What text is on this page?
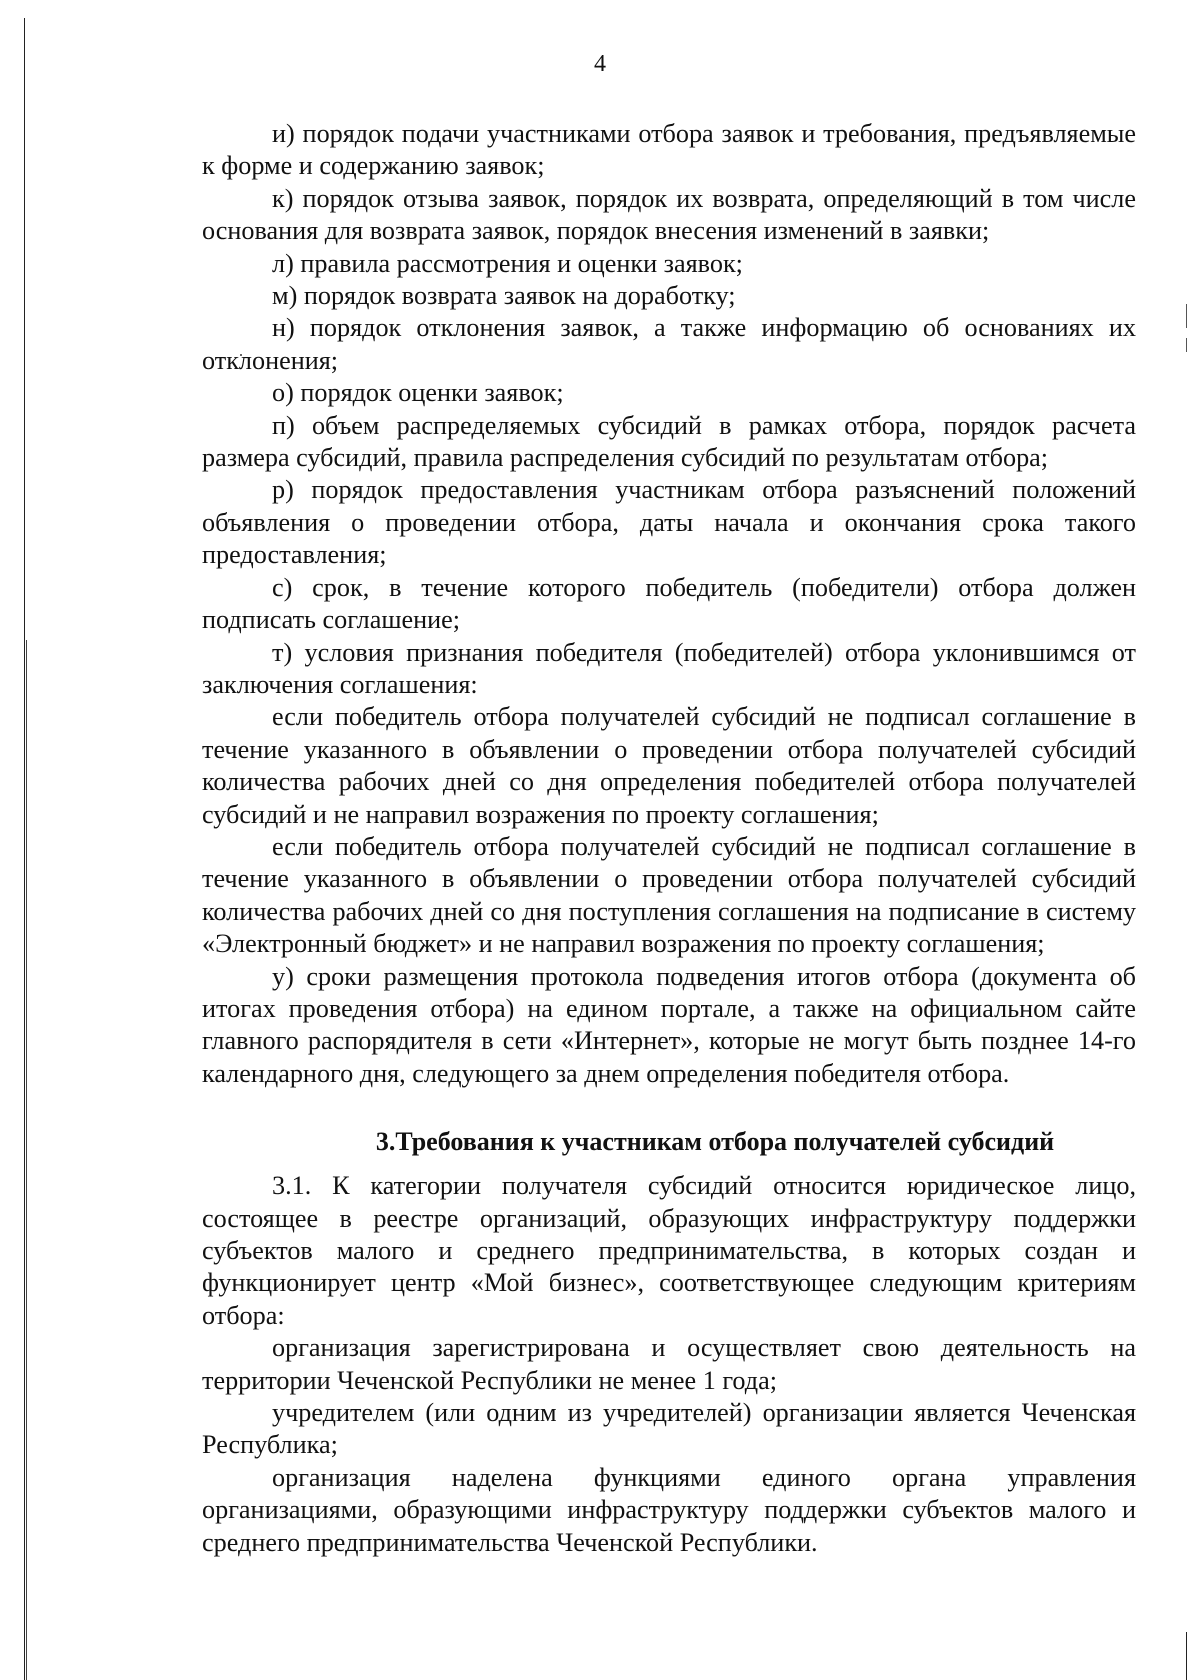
4

и) порядок подачи участниками отбора заявок и требования, предъявляемые к форме и содержанию заявок;

к) порядок отзыва заявок, порядок их возврата, определяющий в том числе основания для возврата заявок, порядок внесения изменений в заявки;

л) правила рассмотрения и оценки заявок;

м) порядок возврата заявок на доработку;

н) порядок отклонения заявок, а также информацию об основаниях их отклонения;

о) порядок оценки заявок;

п) объем распределяемых субсидий в рамках отбора, порядок расчета размера субсидий, правила распределения субсидий по результатам отбора;

р) порядок предоставления участникам отбора разъяснений положений объявления о проведении отбора, даты начала и окончания срока такого предоставления;

с) срок, в течение которого победитель (победители) отбора должен подписать соглашение;

т) условия признания победителя (победителей) отбора уклонившимся от заключения соглашения:

если победитель отбора получателей субсидий не подписал соглашение в течение указанного в объявлении о проведении отбора получателей субсидий количества рабочих дней со дня определения победителей отбора получателей субсидий и не направил возражения по проекту соглашения;

если победитель отбора получателей субсидий не подписал соглашение в течение указанного в объявлении о проведении отбора получателей субсидий количества рабочих дней со дня поступления соглашения на подписание в систему «Электронный бюджет» и не направил возражения по проекту соглашения;

у) сроки размещения протокола подведения итогов отбора (документа об итогах проведения отбора) на едином портале, а также на официальном сайте главного распорядителя в сети «Интернет», которые не могут быть позднее 14-го календарного дня, следующего за днем определения победителя отбора.

3.Требования к участникам отбора получателей субсидий

3.1. К категории получателя субсидий относится юридическое лицо, состоящее в реестре организаций, образующих инфраструктуру поддержки субъектов малого и среднего предпринимательства, в которых создан и функционирует центр «Мой бизнес», соответствующее следующим критериям отбора:

организация зарегистрирована и осуществляет свою деятельность на территории Чеченской Республики не менее 1 года;

учредителем (или одним из учредителей) организации является Чеченская Республика;

организация наделена функциями единого органа управления организациями, образующими инфраструктуру поддержки субъектов малого и среднего предпринимательства Чеченской Республики.
